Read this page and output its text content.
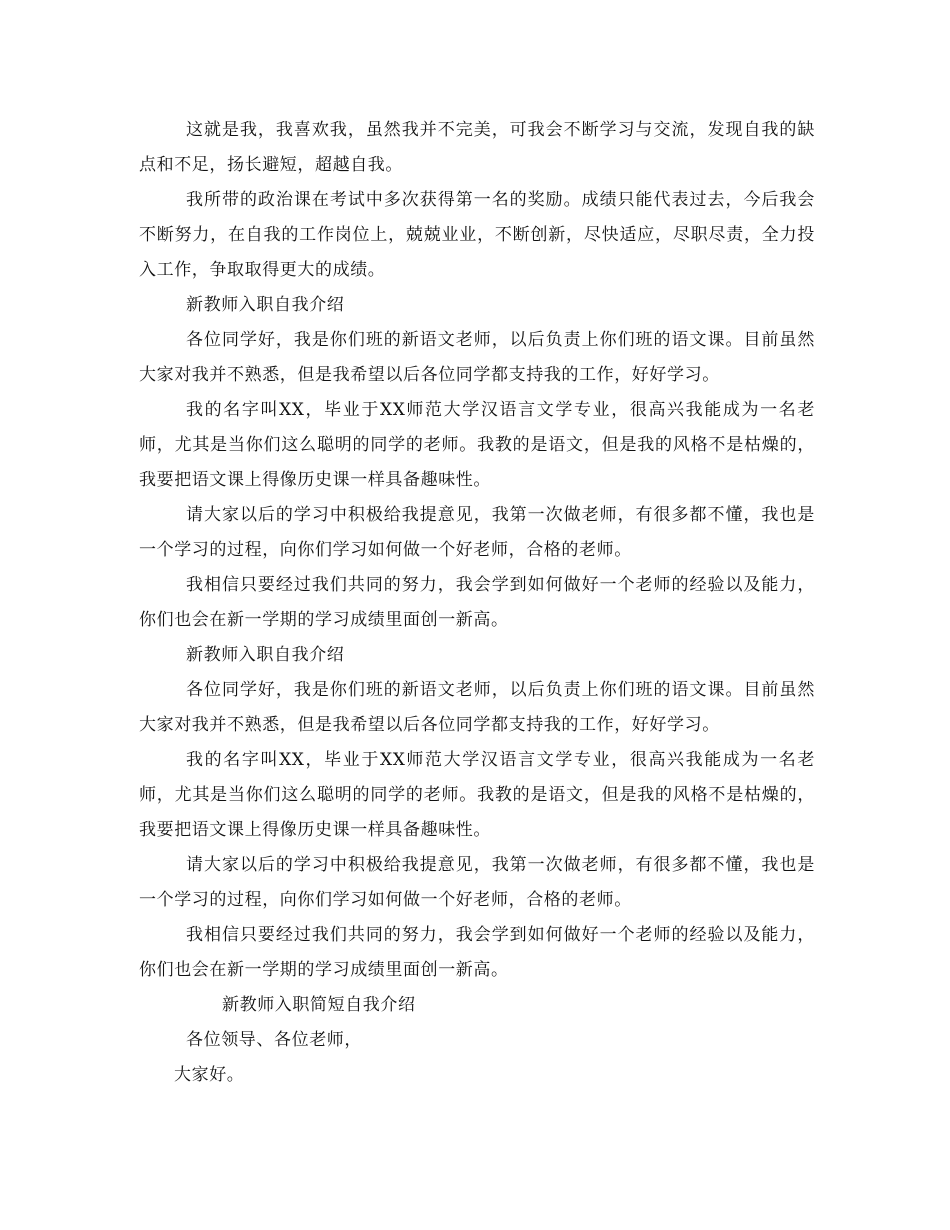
这就是我，我喜欢我，虽然我并不完美，可我会不断学习与交流，发现自我的缺点和不足，扬长避短，超越自我。

我所带的政治课在考试中多次获得第一名的奖励。成绩只能代表过去，今后我会不断努力，在自我的工作岗位上，兢兢业业，不断创新，尽快适应，尽职尽责，全力投入工作，争取取得更大的成绩。

新教师入职自我介绍

各位同学好，我是你们班的新语文老师，以后负责上你们班的语文课。目前虽然大家对我并不熟悉，但是我希望以后各位同学都支持我的工作，好好学习。

我的名字叫XX，毕业于XX师范大学汉语言文学专业，很高兴我能成为一名老师，尤其是当你们这么聪明的同学的老师。我教的是语文，但是我的风格不是枯燥的，我要把语文课上得像历史课一样具备趣味性。

请大家以后的学习中积极给我提意见，我第一次做老师，有很多都不懂，我也是一个学习的过程，向你们学习如何做一个好老师，合格的老师。

我相信只要经过我们共同的努力，我会学到如何做好一个老师的经验以及能力，你们也会在新一学期的学习成绩里面创一新高。

新教师入职自我介绍

各位同学好，我是你们班的新语文老师，以后负责上你们班的语文课。目前虽然大家对我并不熟悉，但是我希望以后各位同学都支持我的工作，好好学习。

我的名字叫XX，毕业于XX师范大学汉语言文学专业，很高兴我能成为一名老师，尤其是当你们这么聪明的同学的老师。我教的是语文，但是我的风格不是枯燥的，我要把语文课上得像历史课一样具备趣味性。

请大家以后的学习中积极给我提意见，我第一次做老师，有很多都不懂，我也是一个学习的过程，向你们学习如何做一个好老师，合格的老师。

我相信只要经过我们共同的努力，我会学到如何做好一个老师的经验以及能力，你们也会在新一学期的学习成绩里面创一新高。

新教师入职简短自我介绍

各位领导、各位老师，

大家好。
